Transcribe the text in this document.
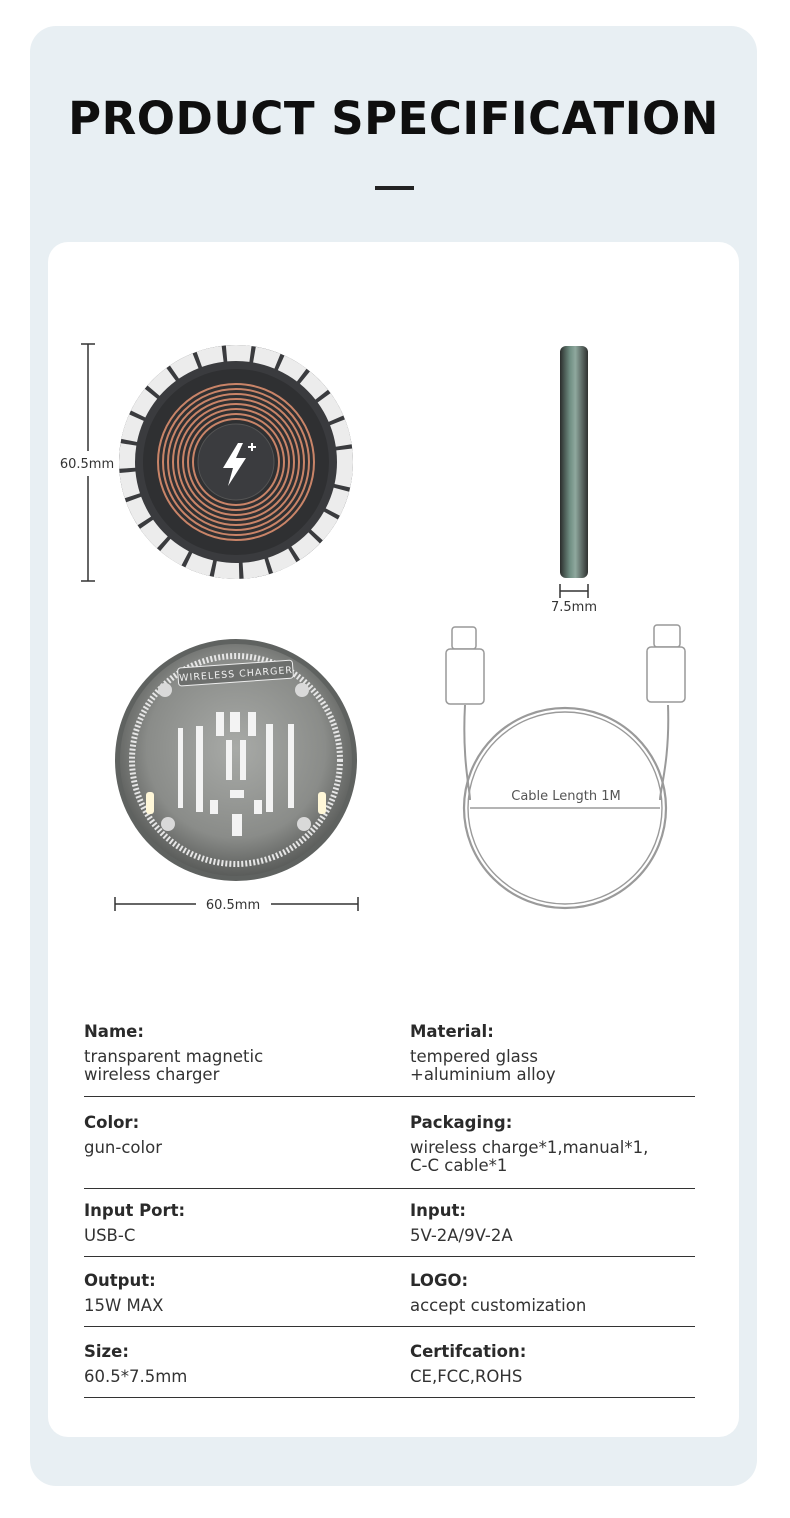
PRODUCT SPECIFICATION
60.5mm
7.5mm
WIRELESS CHARGER
60.5mm
Cable Length 1M
Name:
transparent magnetic
wireless charger
Material:
tempered glass
+aluminium alloy
Color:
gun-color
Packaging:
wireless charge*1,manual*1,
C-C cable*1
Input Port:
USB-C
Input:
5V-2A/9V-2A
Output:
15W MAX
LOGO:
accept customization
Size:
60.5*7.5mm
Certifcation:
CE,FCC,ROHS
